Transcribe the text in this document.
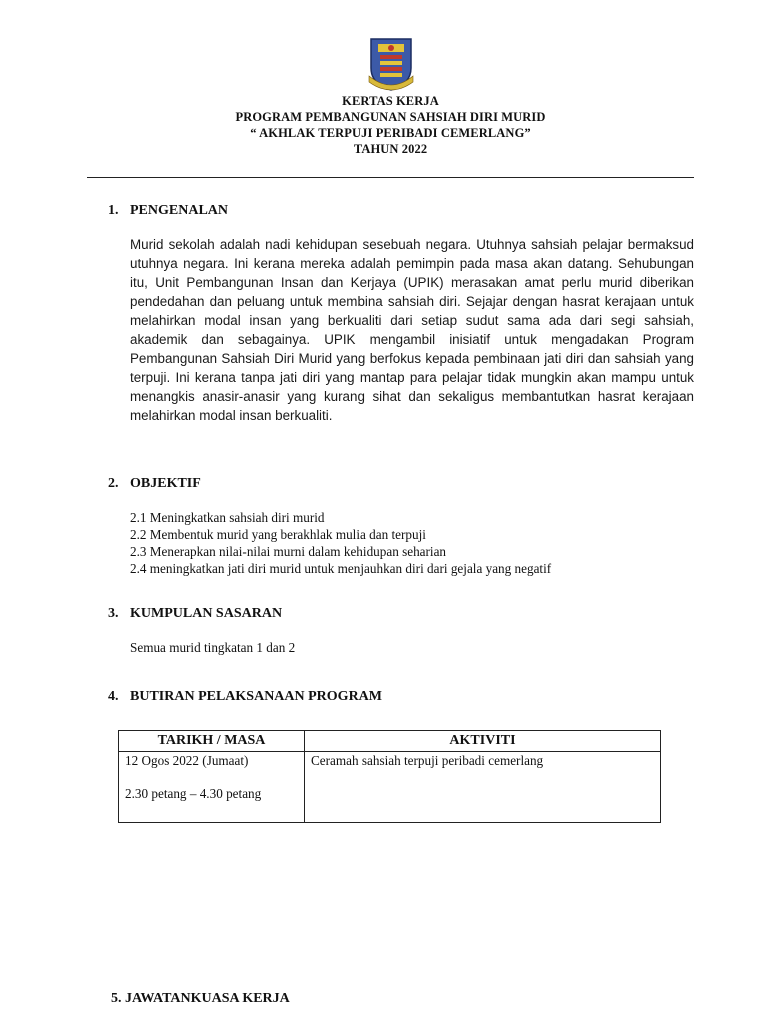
KERTAS KERJA
PROGRAM PEMBANGUNAN SAHSIAH DIRI MURID
“ AKHLAK TERPUJI PERIBADI CEMERLANG”
TAHUN 2022
1. PENGENALAN
Murid sekolah adalah nadi kehidupan sesebuah negara. Utuhnya sahsiah pelajar bermaksud utuhnya negara. Ini kerana mereka adalah pemimpin pada masa akan datang. Sehubungan itu, Unit Pembangunan Insan dan Kerjaya (UPIK) merasakan amat perlu murid diberikan pendedahan dan peluang untuk membina sahsiah diri. Sejajar dengan hasrat kerajaan untuk melahirkan modal insan yang berkualiti dari setiap sudut sama ada dari segi sahsiah, akademik dan sebagainya. UPIK mengambil inisiatif untuk mengadakan Program Pembangunan Sahsiah Diri Murid yang berfokus kepada pembinaan jati diri dan sahsiah yang terpuji. Ini kerana tanpa jati diri yang mantap para pelajar tidak mungkin akan mampu untuk menangkis anasir-anasir yang kurang sihat dan sekaligus membantutkan hasrat kerajaan melahirkan modal insan berkualiti.
2. OBJEKTIF
2.1 Meningkatkan sahsiah diri murid
2.2 Membentuk murid yang berakhlak mulia dan terpuji
2.3 Menerapkan nilai-nilai murni dalam kehidupan seharian
2.4 meningkatkan jati diri murid untuk menjauhkan diri dari gejala yang negatif
3. KUMPULAN SASARAN
Semua murid tingkatan 1 dan 2
4. BUTIRAN PELAKSANAAN PROGRAM
TARIKH / MASA	AKTIVITI

12 Ogos 2022 (Jumaat)
2.30 petang – 4.30 petang	Ceramah sahsiah terpuji peribadi cemerlang
5. JAWATANKUASA KERJA
